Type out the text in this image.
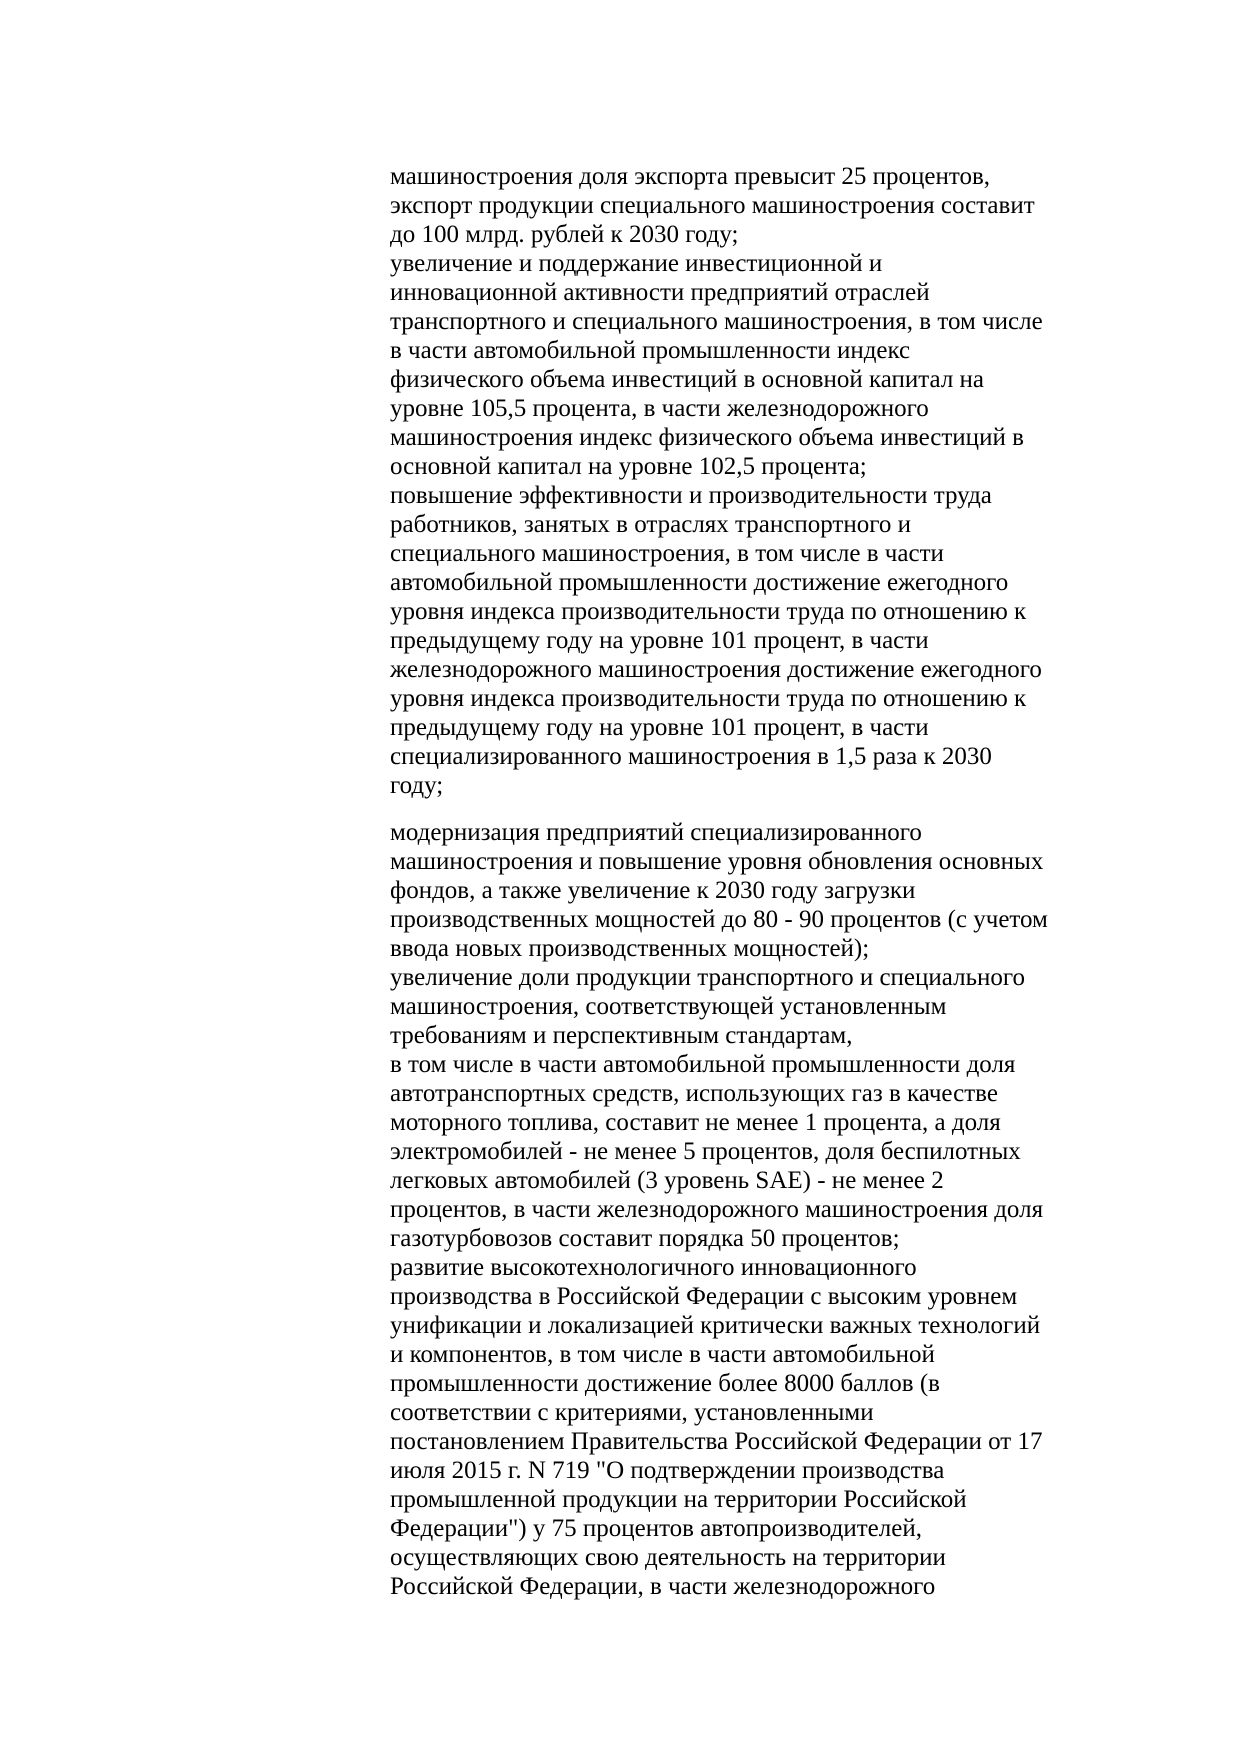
машиностроения доля экспорта превысит 25 процентов,
экспорт продукции специального машиностроения составит
до 100 млрд. рублей к 2030 году;
увеличение и поддержание инвестиционной и
инновационной активности предприятий отраслей
транспортного и специального машиностроения, в том числе
в части автомобильной промышленности индекс
физического объема инвестиций в основной капитал на
уровне 105,5 процента, в части железнодорожного
машиностроения индекс физического объема инвестиций в
основной капитал на уровне 102,5 процента;
повышение эффективности и производительности труда
работников, занятых в отраслях транспортного и
специального машиностроения, в том числе в части
автомобильной промышленности достижение ежегодного
уровня индекса производительности труда по отношению к
предыдущему году на уровне 101 процент, в части
железнодорожного машиностроения достижение ежегодного
уровня индекса производительности труда по отношению к
предыдущему году на уровне 101 процент, в части
специализированного машиностроения в 1,5 раза к 2030
году;
модернизация предприятий специализированного
машиностроения и повышение уровня обновления основных
фондов, а также увеличение к 2030 году загрузки
производственных мощностей до 80 - 90 процентов (с учетом
ввода новых производственных мощностей);
увеличение доли продукции транспортного и специального
машиностроения, соответствующей установленным
требованиям и перспективным стандартам,
в том числе в части автомобильной промышленности доля
автотранспортных средств, использующих газ в качестве
моторного топлива, составит не менее 1 процента, а доля
электромобилей - не менее 5 процентов, доля беспилотных
легковых автомобилей (3 уровень SAE) - не менее 2
процентов, в части железнодорожного машиностроения доля
газотурбовозов составит порядка 50 процентов;
развитие высокотехнологичного инновационного
производства в Российской Федерации с высоким уровнем
унификации и локализацией критически важных технологий
и компонентов, в том числе в части автомобильной
промышленности достижение более 8000 баллов (в
соответствии с критериями, установленными
постановлением Правительства Российской Федерации от 17
июля 2015 г. N 719 "О подтверждении производства
промышленной продукции на территории Российской
Федерации") у 75 процентов автопроизводителей,
осуществляющих свою деятельность на территории
Российской Федерации, в части железнодорожного
